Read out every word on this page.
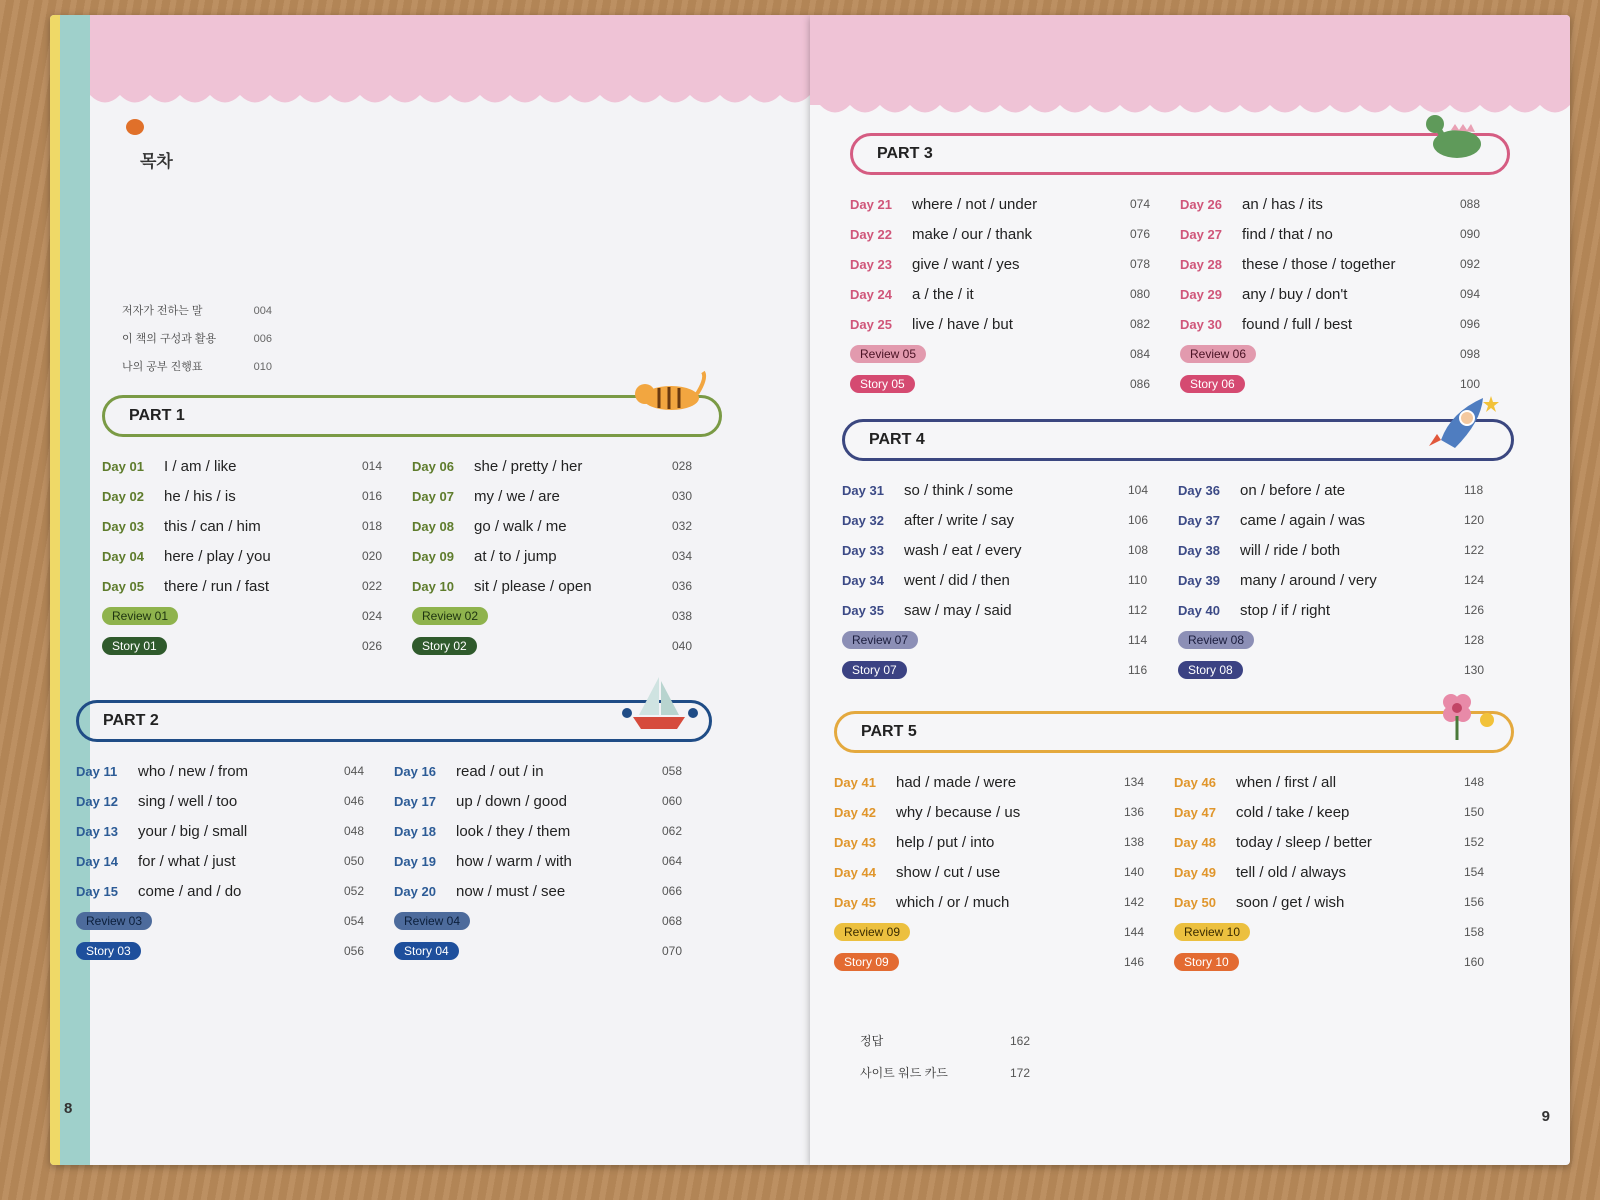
목차
저자가 전하는 말	004
이 책의 구성과 활용	006
나의 공부 진행표	010
PART 1
Day 01	I / am / like	014
Day 02	he / his / is	016
Day 03	this / can / him	018
Day 04	here / play / you	020
Day 05	there / run / fast	022
Review 01	024
Story 01	026
Day 06	she / pretty / her	028
Day 07	my / we / are	030
Day 08	go / walk / me	032
Day 09	at / to / jump	034
Day 10	sit / please / open	036
Review 02	038
Story 02	040
PART 2
Day 11	who / new / from	044
Day 12	sing / well / too	046
Day 13	your / big / small	048
Day 14	for / what / just	050
Day 15	come / and / do	052
Review 03	054
Story 03	056
Day 16	read / out / in	058
Day 17	up / down / good	060
Day 18	look / they / them	062
Day 19	how / warm / with	064
Day 20	now / must / see	066
Review 04	068
Story 04	070
8
PART 3
Day 21	where / not / under	074
Day 22	make / our / thank	076
Day 23	give / want / yes	078
Day 24	a / the / it	080
Day 25	live / have / but	082
Review 05	084
Story 05	086
Day 26	an / has / its	088
Day 27	find / that / no	090
Day 28	these / those / together	092
Day 29	any / buy / don't	094
Day 30	found / full / best	096
Review 06	098
Story 06	100
PART 4
Day 31	so / think / some	104
Day 32	after / write / say	106
Day 33	wash / eat / every	108
Day 34	went / did / then	110
Day 35	saw / may / said	112
Review 07	114
Story 07	116
Day 36	on / before / ate	118
Day 37	came / again / was	120
Day 38	will / ride / both	122
Day 39	many / around / very	124
Day 40	stop / if / right	126
Review 08	128
Story 08	130
PART 5
Day 41	had / made / were	134
Day 42	why / because / us	136
Day 43	help / put / into	138
Day 44	show / cut / use	140
Day 45	which / or / much	142
Review 09	144
Story 09	146
Day 46	when / first / all	148
Day 47	cold / take / keep	150
Day 48	today / sleep / better	152
Day 49	tell / old / always	154
Day 50	soon / get / wish	156
Review 10	158
Story 10	160
정답	162
사이트 워드 카드	172
9
